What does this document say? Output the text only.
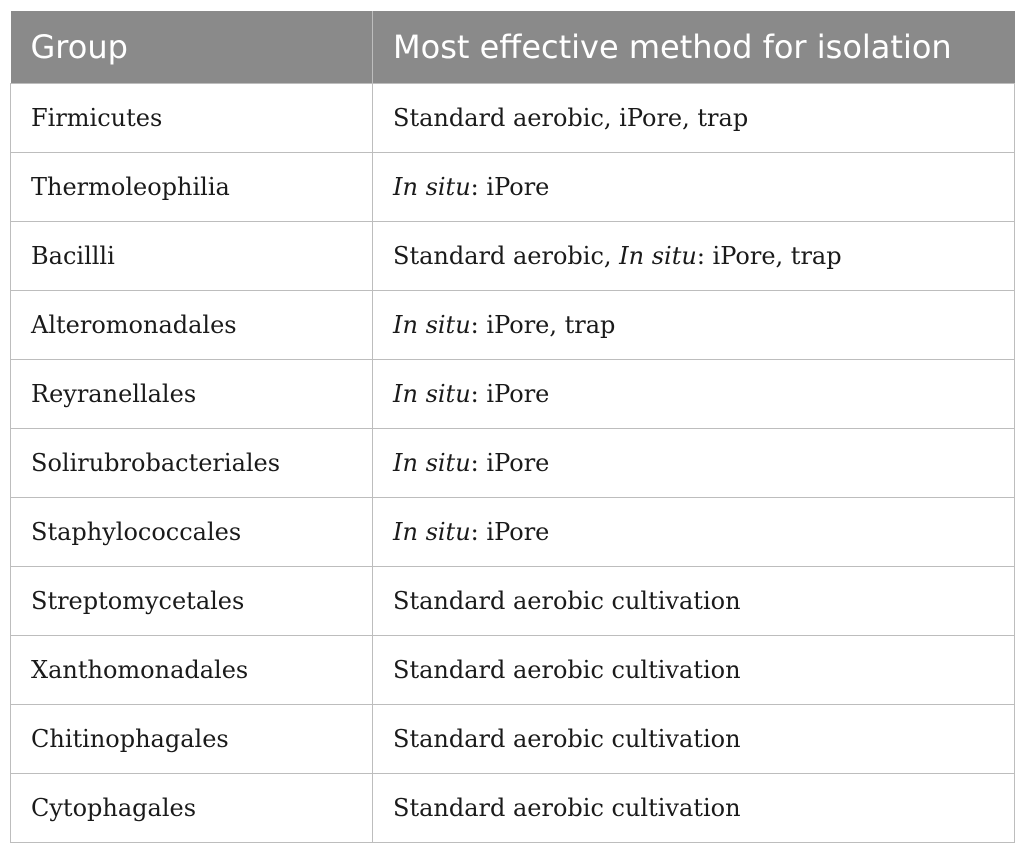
Group	Most effective method for isolation
Firmicutes	Standard aerobic, iPore, trap
Thermoleophilia	In situ: iPore
Bacillli	Standard aerobic, In situ: iPore, trap
Alteromonadales	In situ: iPore, trap
Reyranellales	In situ: iPore
Solirubrobacteriales	In situ: iPore
Staphylococcales	In situ: iPore
Streptomycetales	Standard aerobic cultivation
Xanthomonadales	Standard aerobic cultivation
Chitinophagales	Standard aerobic cultivation
Cytophagales	Standard aerobic cultivation
